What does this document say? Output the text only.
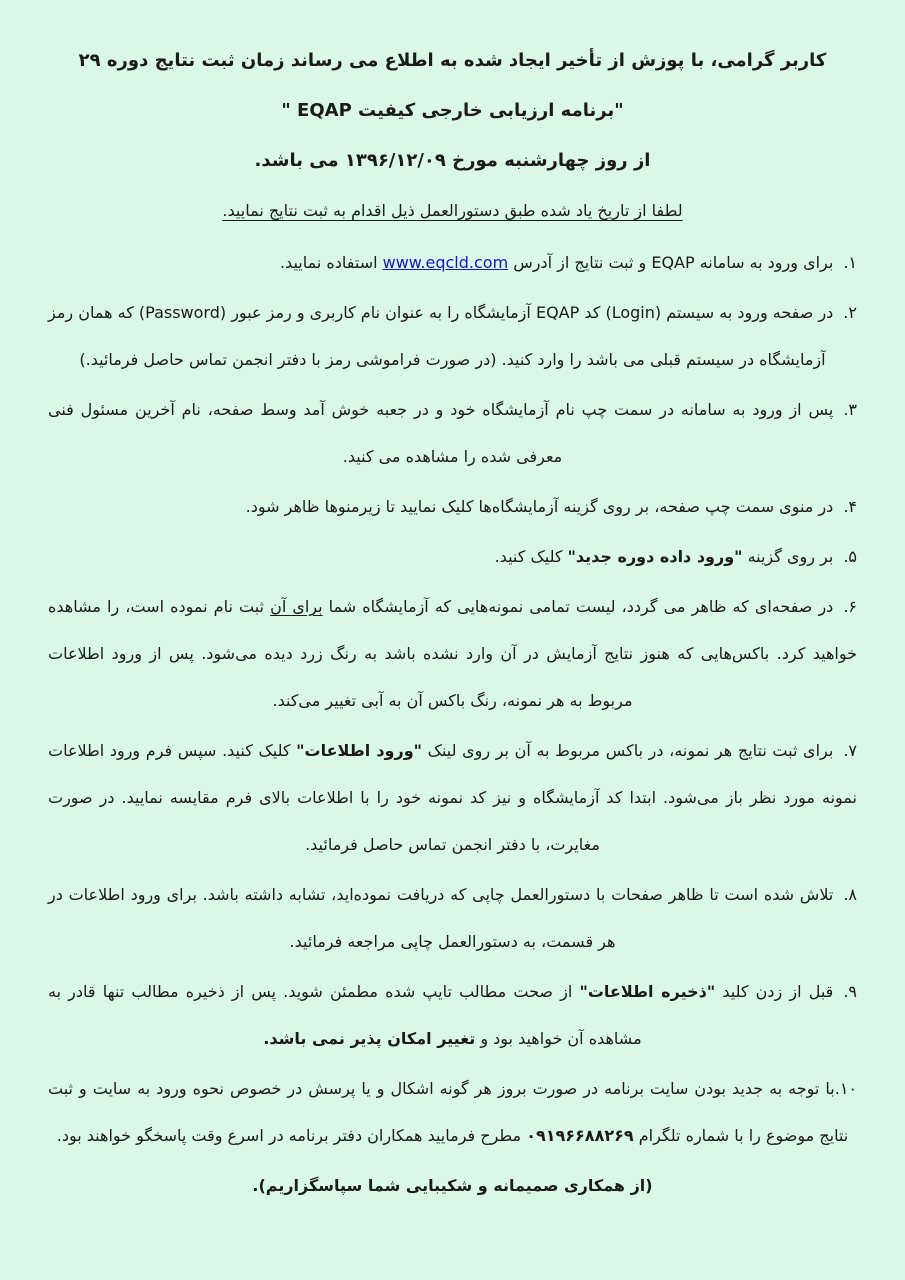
کاربر گرامی، با پوزش از تأخیر ایجاد شده به اطلاع می رساند زمان ثبت نتایج دوره ۲۹

"برنامه ارزیابی خارجی کیفیت EQAP "

از روز چهارشنبه مورخ ۱۳۹۶/۱۲/۰۹ می باشد.

لطفا از تاریخ یاد شده طبق دستورالعمل ذیل اقدام به ثبت نتایج نمایید.

۱.برای ورود به سامانه EQAP و ثبت نتایج از آدرس www.eqcld.com استفاده نمایید.

۲.در صفحه ورود به سیستم (Login) کد EQAP آزمایشگاه را به عنوان نام کاربری و رمز عبور (Password) که همان رمز آزمایشگاه در سیستم قبلی می باشد را وارد کنید. (در صورت فراموشی رمز با دفتر انجمن تماس حاصل فرمائید.)

۳.پس از ورود به سامانه در سمت چپ نام آزمایشگاه خود و در جعبه خوش آمد وسط صفحه، نام آخرین مسئول فنی معرفی شده را مشاهده می کنید.

۴.در منوی سمت چپ صفحه، بر روی گزینه آزمایشگاه‌ها کلیک نمایید تا زیرمنوها ظاهر شود.

۵.بر روی گزینه "ورود داده دوره جدید" کلیک کنید.

۶.در صفحه‌ای که ظاهر می گردد، لیست تمامی نمونه‌هایی که آزمایشگاه شما برای آن ثبت نام نموده است، را مشاهده خواهید کرد. باکس‌هایی که هنوز نتایج آزمایش در آن وارد نشده باشد به رنگ زرد دیده می‌شود. پس از ورود اطلاعات مربوط به هر نمونه، رنگ باکس آن به آبی تغییر می‌کند.

۷.برای ثبت نتایج هر نمونه، در باکس مربوط به آن بر روی لینک "ورود اطلاعات" کلیک کنید. سپس فرم ورود اطلاعات نمونه مورد نظر باز می‌شود. ابتدا کد آزمایشگاه و نیز کد نمونه خود را با اطلاعات بالای فرم مقایسه نمایید. در صورت مغایرت، با دفتر انجمن تماس حاصل فرمائید.

۸.تلاش شده است تا ظاهر صفحات با دستورالعمل چاپی که دریافت نموده‌اید، تشابه داشته باشد. برای ورود اطلاعات در هر قسمت، به دستورالعمل چاپی مراجعه فرمائید.

۹.قبل از زدن کلید "ذخیره اطلاعات" از صحت مطالب تایپ شده مطمئن شوید. پس از ذخیره مطالب تنها قادر به مشاهده آن خواهید بود و تغییر امکان پذیر نمی باشد.

۱۰.با توجه به جدید بودن سایت برنامه در صورت بروز هر گونه اشکال و یا پرسش در خصوص نحوه ورود به سایت و ثبت نتایج موضوع را با شماره تلگرام ۰۹۱۹۶۶۸۸۲۶۹ مطرح فرمایید همکاران دفتر برنامه در اسرع وقت پاسخگو خواهند بود.

(از همکاری صمیمانه و شکیبایی شما سپاسگزاریم).
